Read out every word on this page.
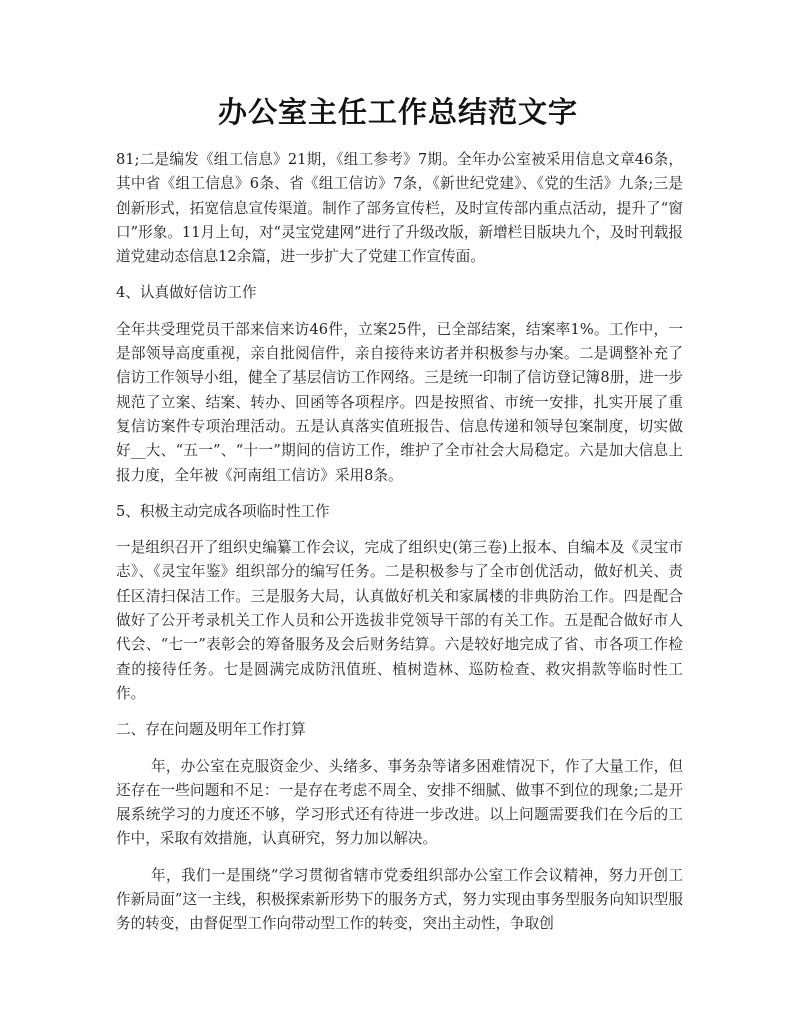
办公室主任工作总结范文字

81;二是编发《组工信息》21期，《组工参考》7期。全年办公室被采用信息文章46条，其中省《组工信息》6条、省《组工信访》7条，《新世纪党建》、《党的生活》九条;三是创新形式，拓宽信息宣传渠道。制作了部务宣传栏，及时宣传部内重点活动，提升了“窗口”形象。11月上旬，对“灵宝党建网”进行了升级改版，新增栏目版块九个，及时刊载报道党建动态信息12余篇，进一步扩大了党建工作宣传面。

4、认真做好信访工作

全年共受理党员干部来信来访46件，立案25件，已全部结案，结案率1%。工作中，一是部领导高度重视，亲自批阅信件，亲自接待来访者并积极参与办案。二是调整补充了信访工作领导小组，健全了基层信访工作网络。三是统一印制了信访登记簿8册，进一步规范了立案、结案、转办、回函等各项程序。四是按照省、市统一安排，扎实开展了重复信访案件专项治理活动。五是认真落实值班报告、信息传递和领导包案制度，切实做好__大、“五一”、“十一”期间的信访工作，维护了全市社会大局稳定。六是加大信息上报力度，全年被《河南组工信访》采用8条。

5、积极主动完成各项临时性工作

一是组织召开了组织史编纂工作会议，完成了组织史(第三卷)上报本、自编本及《灵宝市志》、《灵宝年鉴》组织部分的编写任务。二是积极参与了全市创优活动，做好机关、责任区清扫保洁工作。三是服务大局，认真做好机关和家属楼的非典防治工作。四是配合做好了公开考录机关工作人员和公开选拔非党领导干部的有关工作。五是配合做好市人代会、“七一”表彰会的筹备服务及会后财务结算。六是较好地完成了省、市各项工作检查的接待任务。七是圆满完成防汛值班、植树造林、巡防检查、救灾捐款等临时性工作。

二、存在问题及明年工作打算

年，办公室在克服资金少、头绪多、事务杂等诸多困难情况下，作了大量工作，但还存在一些问题和不足：一是存在考虑不周全、安排不细腻、做事不到位的现象;二是开展系统学习的力度还不够，学习形式还有待进一步改进。以上问题需要我们在今后的工作中，采取有效措施，认真研究，努力加以解决。

年，我们一是围绕“学习贯彻省辖市党委组织部办公室工作会议精神，努力开创工作新局面”这一主线，积极探索新形势下的服务方式，努力实现由事务型服务向知识型服务的转变，由督促型工作向带动型工作的转变，突出主动性，争取创
